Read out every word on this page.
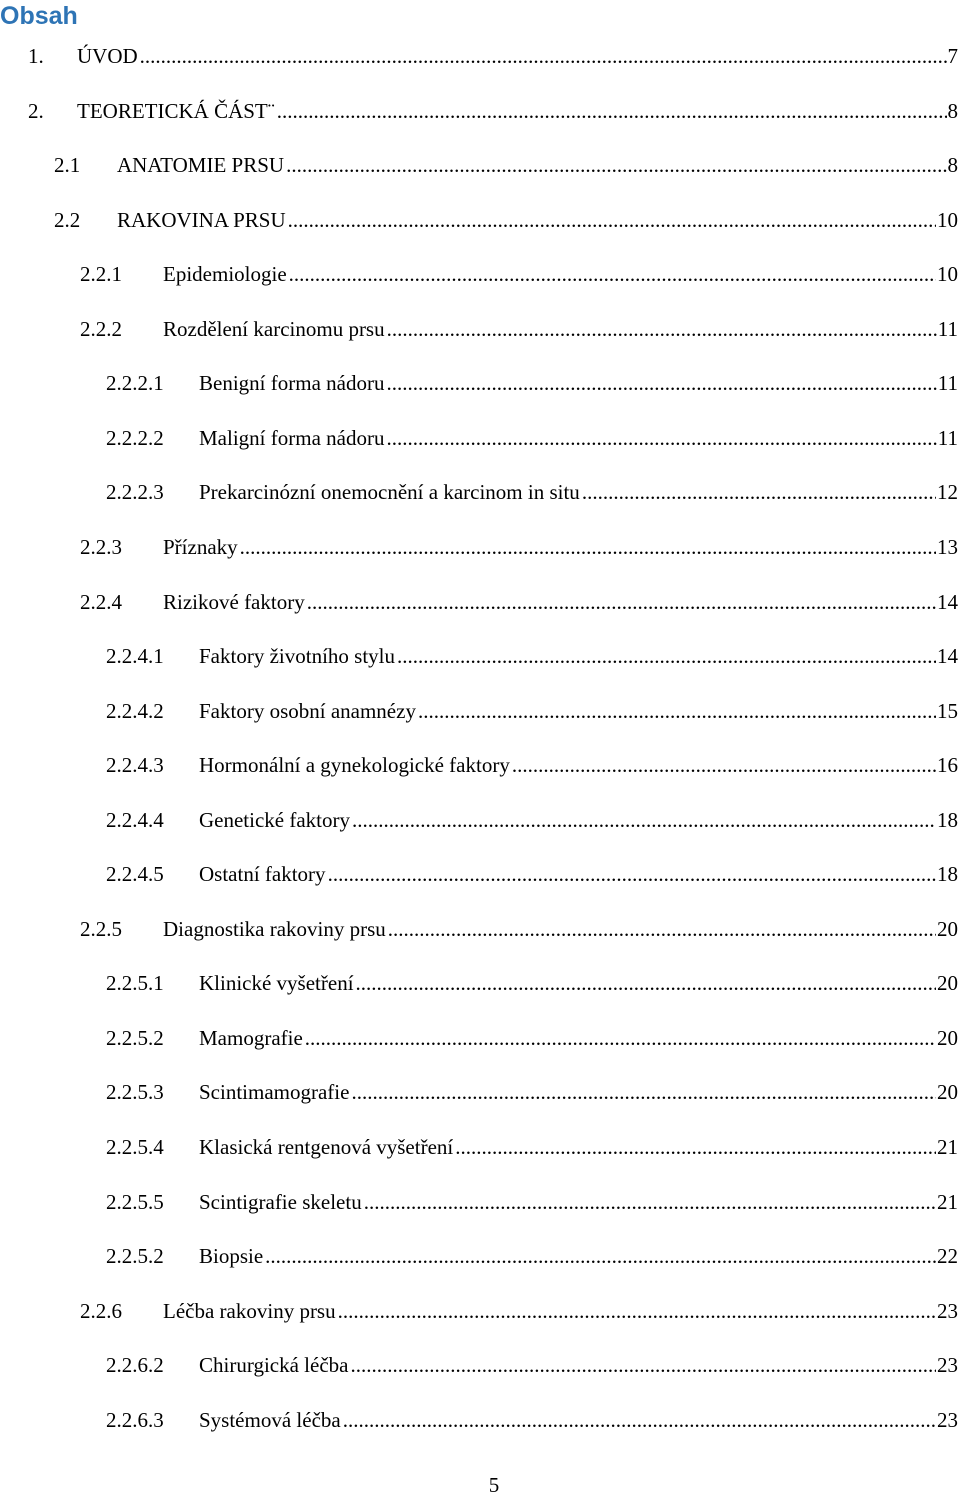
Obsah
1.	ÚVOD .....	7
2.	TEORETICKÁ ČÁST¨ .....	8
2.1	ANATOMIE PRSU .....	8
2.2	RAKOVINA PRSU .....	10
2.2.1	Epidemiologie .....	10
2.2.2	Rozdělení karcinomu prsu .....	11
2.2.2.1	Benigní forma nádoru .....	11
2.2.2.2	Maligní forma nádoru .....	11
2.2.2.3	Prekarcinózní onemocnění a karcinom in situ .....	12
2.2.3	Příznaky .....	13
2.2.4	Rizikové faktory .....	14
2.2.4.1	Faktory životního stylu .....	14
2.2.4.2	Faktory osobní anamnézy .....	15
2.2.4.3	Hormonální a gynekologické faktory .....	16
2.2.4.4	Genetické faktory .....	18
2.2.4.5	Ostatní faktory .....	18
2.2.5	Diagnostika rakoviny prsu .....	20
2.2.5.1	Klinické vyšetření .....	20
2.2.5.2	Mamografie .....	20
2.2.5.3	Scintimamografie .....	20
2.2.5.4	Klasická rentgenová vyšetření .....	21
2.2.5.5	Scintigrafie skeletu .....	21
2.2.5.2	Biopsie .....	22
2.2.6	Léčba rakoviny prsu .....	23
2.2.6.2	Chirurgická léčba .....	23
2.2.6.3	Systémová léčba .....	23
5
